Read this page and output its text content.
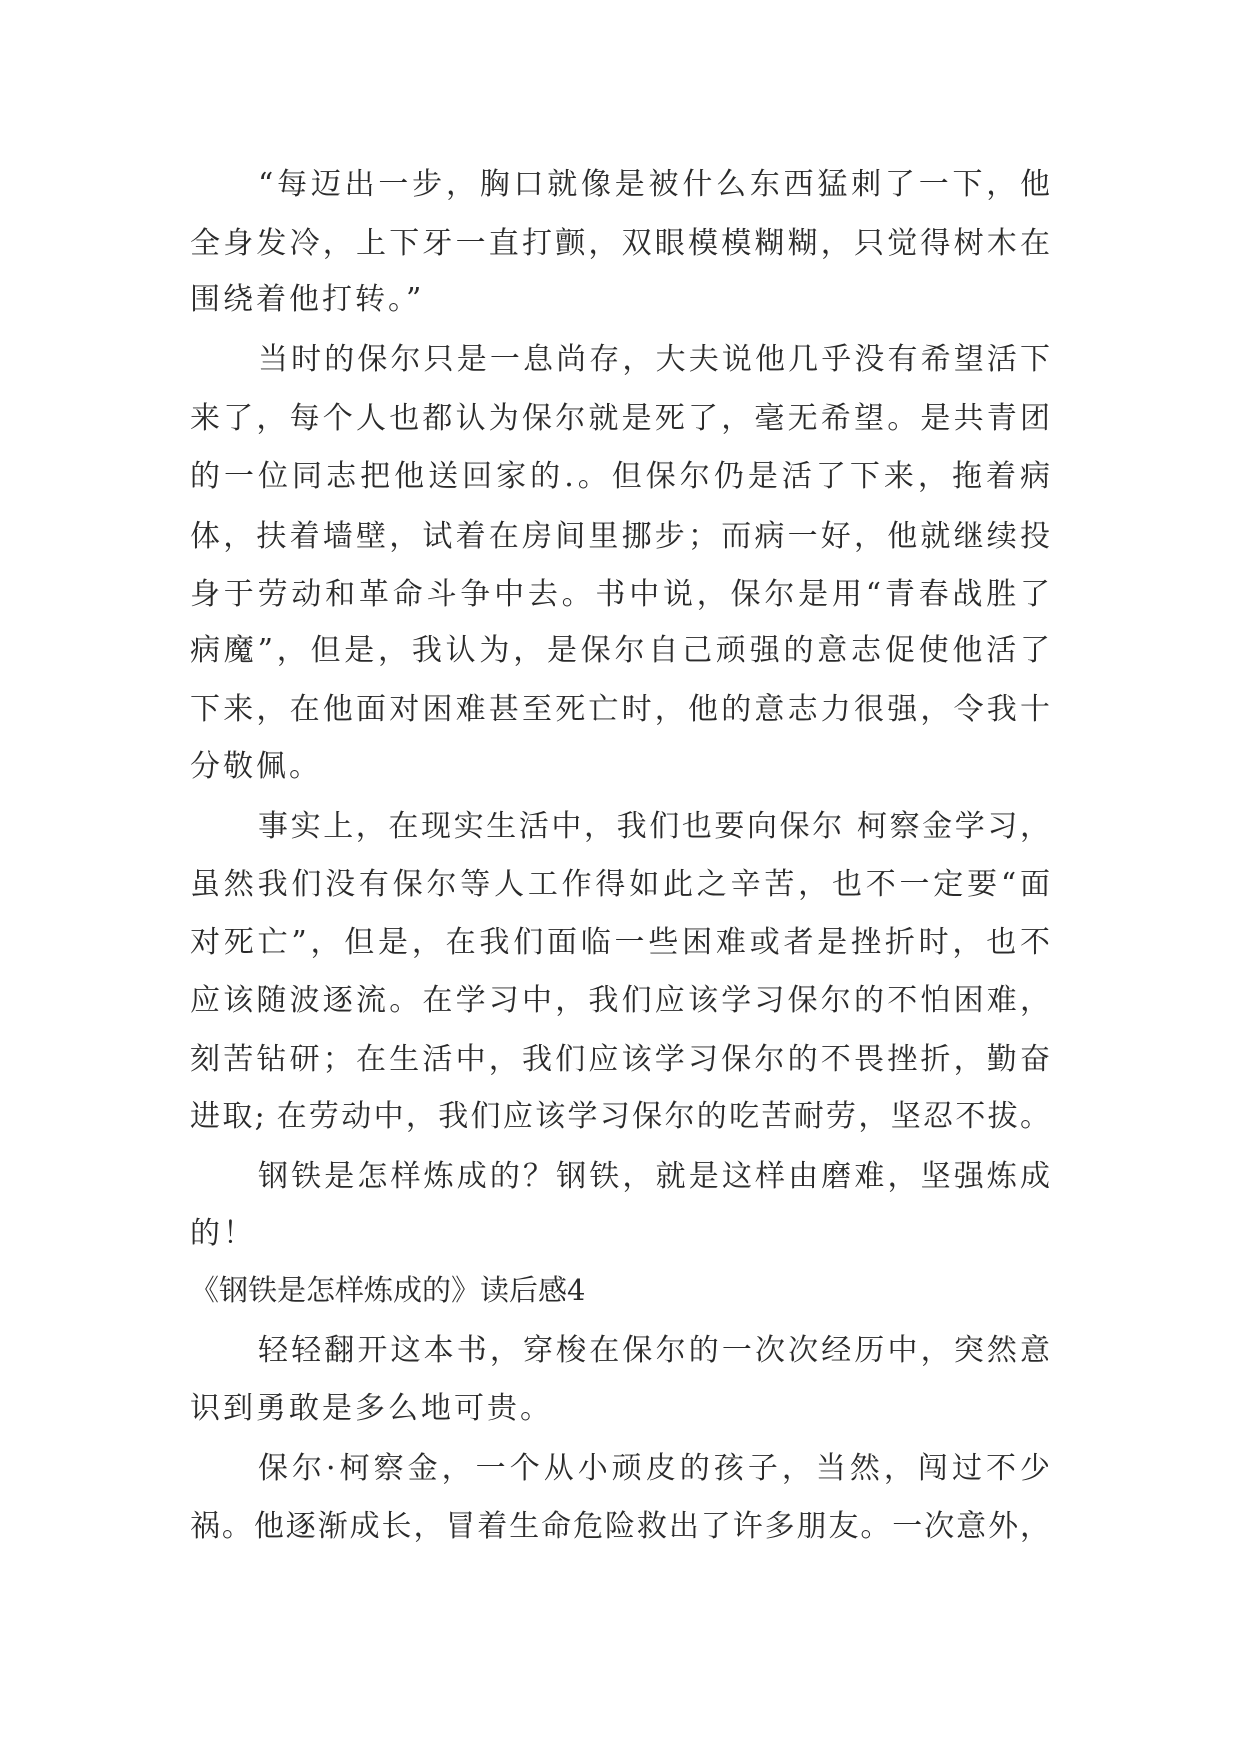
“每迈出一步，胸口就像是被什么东西猛刺了一下，他
全身发冷，上下牙一直打颤，双眼模模糊糊，只觉得树木在
围绕着他打转。”
当时的保尔只是一息尚存，大夫说他几乎没有希望活下
来了，每个人也都认为保尔就是死了，毫无希望。是共青团
的一位同志把他送回家的.。但保尔仍是活了下来，拖着病
体，扶着墙壁，试着在房间里挪步；而病一好，他就继续投
身于劳动和革命斗争中去。书中说，保尔是用“青春战胜了
病魔”，但是，我认为，是保尔自己顽强的意志促使他活了
下来，在他面对困难甚至死亡时，他的意志力很强，令我十
分敬佩。
事实上，在现实生活中，我们也要向保尔 柯察金学习，
虽然我们没有保尔等人工作得如此之辛苦，也不一定要“面
对死亡”，但是，在我们面临一些困难或者是挫折时，也不
应该随波逐流。在学习中，我们应该学习保尔的不怕困难，
刻苦钻研；在生活中，我们应该学习保尔的不畏挫折，勤奋
进取; 在劳动中，我们应该学习保尔的吃苦耐劳，坚忍不拔。
钢铁是怎样炼成的？钢铁，就是这样由磨难，坚强炼成
的！
《钢铁是怎样炼成的》读后感4
轻轻翻开这本书，穿梭在保尔的一次次经历中，突然意
识到勇敢是多么地可贵。
保尔·柯察金，一个从小顽皮的孩子，当然，闯过不少
祸。他逐渐成长，冒着生命危险救出了许多朋友。一次意外，
